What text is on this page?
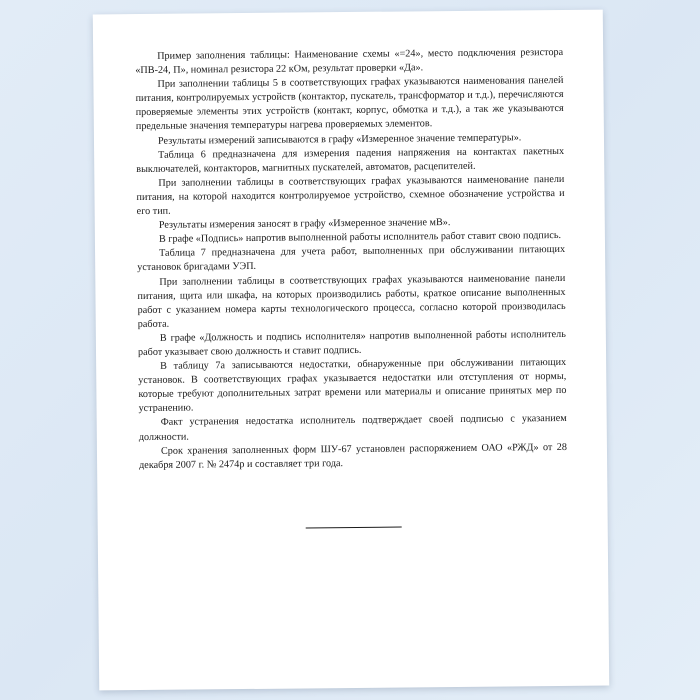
Пример заполнения таблицы: Наименование схемы «=24», место подключения резистора «ПВ-24, П», номинал резистора 22 кОм, результат проверки «Да».

При заполнении таблицы 5 в соответствующих графах указываются наименования панелей питания, контролируемых устройств (контактор, пускатель, трансформатор и т.д.), перечисляются проверяемые элементы этих устройств (контакт, корпус, обмотка и т.д.), а так же указываются предельные значения температуры нагрева проверяемых элементов.

Результаты измерений записываются в графу «Измеренное значение температуры».

Таблица 6 предназначена для измерения падения напряжения на контактах пакетных выключателей, контакторов, магнитных пускателей, автоматов, расцепителей.

При заполнении таблицы в соответствующих графах указываются наименование панели питания, на которой находится контролируемое устройство, схемное обозначение устройства и его тип.

Результаты измерения заносят в графу «Измеренное значение мВ».

В графе «Подпись» напротив выполненной работы исполнитель работ ставит свою подпись.

Таблица 7 предназначена для учета работ, выполненных при обслуживании питающих установок бригадами УЭП.

При заполнении таблицы в соответствующих графах указываются наименование панели питания, щита или шкафа, на которых производились работы, краткое описание выполненных работ с указанием номера карты технологического процесса, согласно которой производилась работа.

В графе «Должность и подпись исполнителя» напротив выполненной работы исполнитель работ указывает свою должность и ставит подпись.

В таблицу 7а записываются недостатки, обнаруженные при обслуживании питающих установок. В соответствующих графах указывается недостатки или отступления от нормы, которые требуют дополнительных затрат времени или материалы и описание принятых мер по устранению.

Факт устранения недостатка исполнитель подтверждает своей подписью с указанием должности.

Срок хранения заполненных форм ШУ-67 установлен распоряжением ОАО «РЖД» от 28 декабря 2007 г. № 2474р и составляет три года.
